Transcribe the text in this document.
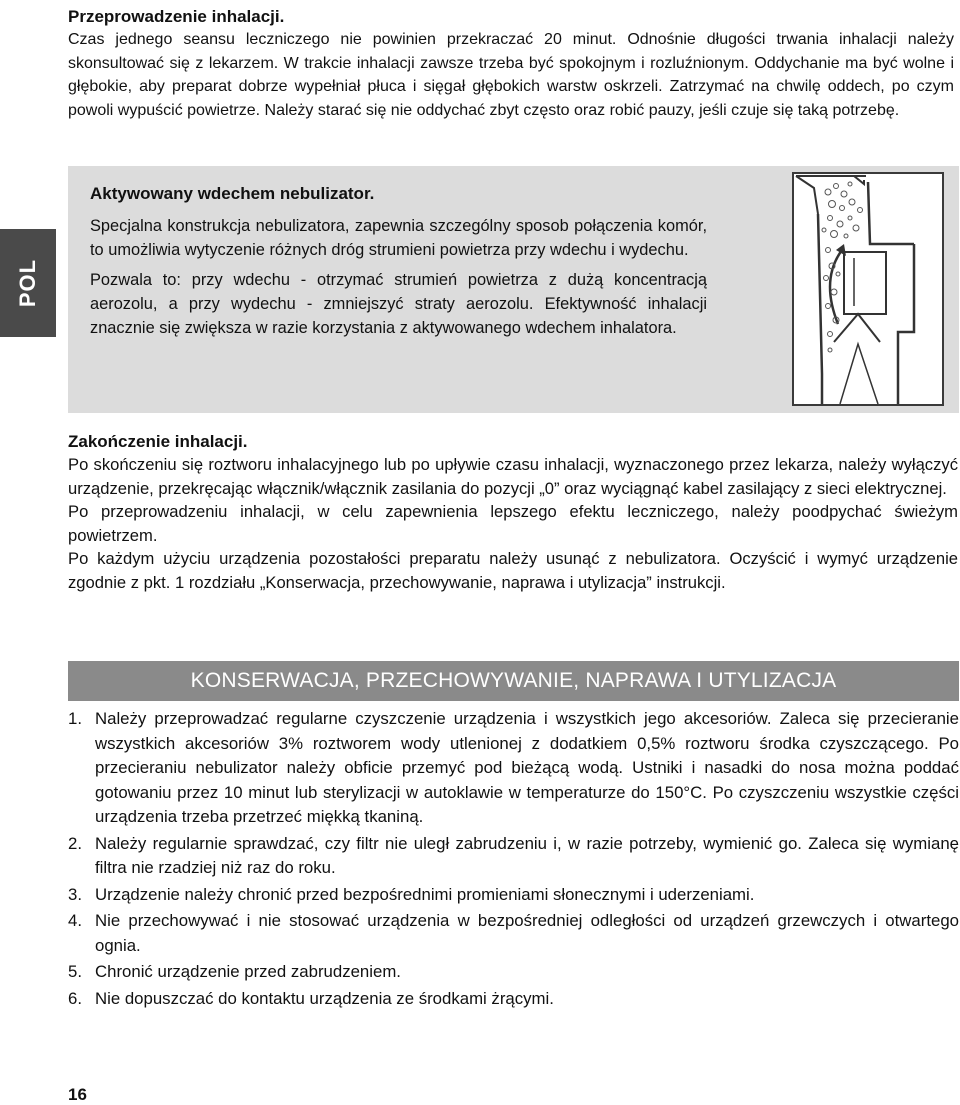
Przeprowadzenie inhalacji.

Czas jednego seansu leczniczego nie powinien przekraczać 20 minut. Odnośnie długości trwania inhalacji należy skonsultować się z lekarzem. W trakcie inhalacji zawsze trzeba być spokojnym i rozluźnionym. Oddychanie ma być wolne i głębokie, aby preparat dobrze wypełniał płuca i sięgał głębokich warstw oskrzeli. Zatrzymać na chwilę oddech, po czym powoli wypuścić powietrze. Należy starać się nie oddychać zbyt często oraz robić pauzy, jeśli czuje się taką potrzebę.

POL

Aktywowany wdechem nebulizator.

Specjalna konstrukcja nebulizatora, zapewnia szczególny sposob połączenia komór, to umożliwia wytyczenie różnych dróg strumieni powietrza przy wdechu i wydechu.

Pozwala to: przy wdechu - otrzymać strumień powietrza z dużą koncentracją aerozolu, a przy wydechu - zmniejszyć straty aerozolu. Efektywność inhalacji znacznie się zwiększa w razie korzystania z aktywowanego wdechem inhalatora.

Zakończenie inhalacji.

Po skończeniu się roztworu inhalacyjnego lub po upływie czasu inhalacji, wyznaczonego przez lekarza, należy wyłączyć urządzenie, przekręcając włącznik/włącznik zasilania do pozycji „0” oraz wyciągnąć kabel zasilający z sieci elektrycznej.

Po przeprowadzeniu inhalacji, w celu zapewnienia lepszego efektu leczniczego, należy poodpychać świeżym powietrzem.

Po każdym użyciu urządzenia pozostałości preparatu należy usunąć z nebulizatora. Oczyścić i wymyć urządzenie zgodnie z pkt. 1 rozdziału „Konserwacja, przechowywanie, naprawa i utylizacja” instrukcji.

KONSERWACJA, PRZECHOWYWANIE, NAPRAWA I UTYLIZACJA
1. Należy przeprowadzać regularne czyszczenie urządzenia i wszystkich jego akcesoriów. Zaleca się przecieranie wszystkich akcesoriów 3% roztworem wody utlenionej z dodatkiem 0,5% roztworu środka czyszczącego. Po przecieraniu nebulizator należy obficie przemyć pod bieżącą wodą. Ustniki i nasadki do nosa można poddać gotowaniu przez 10 minut lub sterylizacji w autoklawie w temperaturze do 150°C. Po czyszczeniu wszystkie części urządzenia trzeba przetrzeć miękką tkaniną.
2. Należy regularnie sprawdzać, czy filtr nie uległ zabrudzeniu i, w razie potrzeby, wymienić go. Zaleca się wymianę filtra nie rzadziej niż raz do roku.
3. Urządzenie należy chronić przed bezpośrednimi promieniami słonecznymi i uderzeniami.
4. Nie przechowywać i nie stosować urządzenia w bezpośredniej odległości od urządzeń grzewczych i otwartego ognia.
5. Chronić urządzenie przed zabrudzeniem.
6. Nie dopuszczać do kontaktu urządzenia ze środkami żrącymi.
16
